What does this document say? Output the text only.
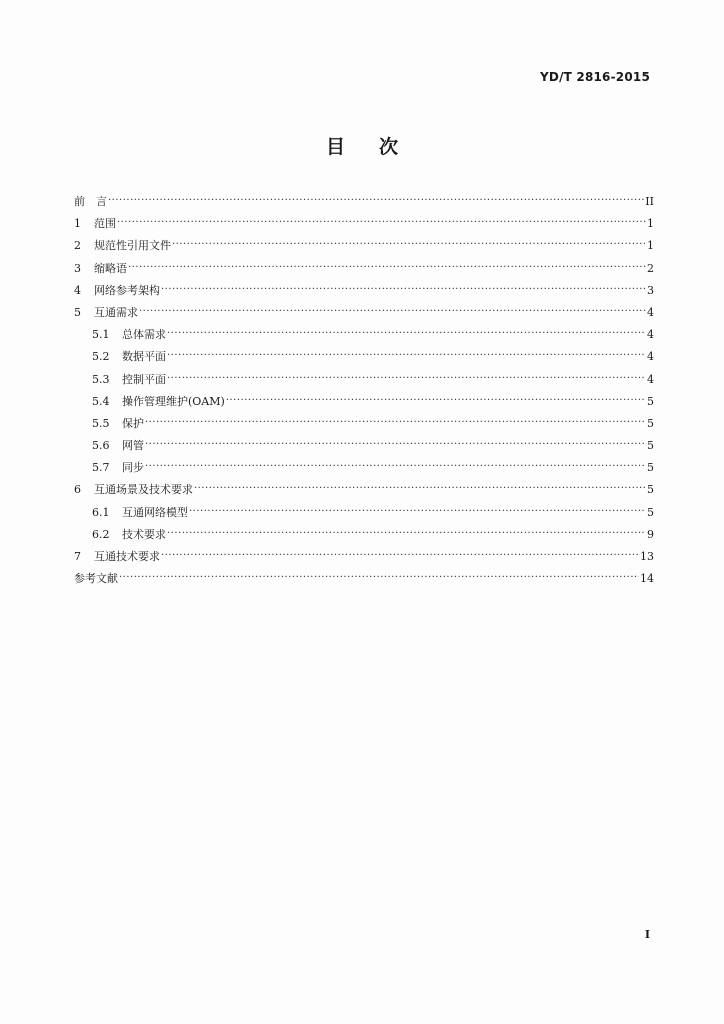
YD/T 2816-2015
目次
前　言 ·····	II
1	范围 ·····	1
2	规范性引用文件 ·····	1
3	缩略语 ·····	2
4	网络参考架构 ·····	3
5	互通需求 ·····	4
5.1	总体需求 ·····	4
5.2	数据平面 ·····	4
5.3	控制平面 ·····	4
5.4	操作管理维护(OAM) ·····	5
5.5	保护 ·····	5
5.6	网管 ·····	5
5.7	同步 ·····	5
6	互通场景及技术要求 ·····	5
6.1	互通网络模型 ·····	5
6.2	技术要求 ·····	9
7	互通技术要求 ·····	13
参考文献 ·····	14
I
